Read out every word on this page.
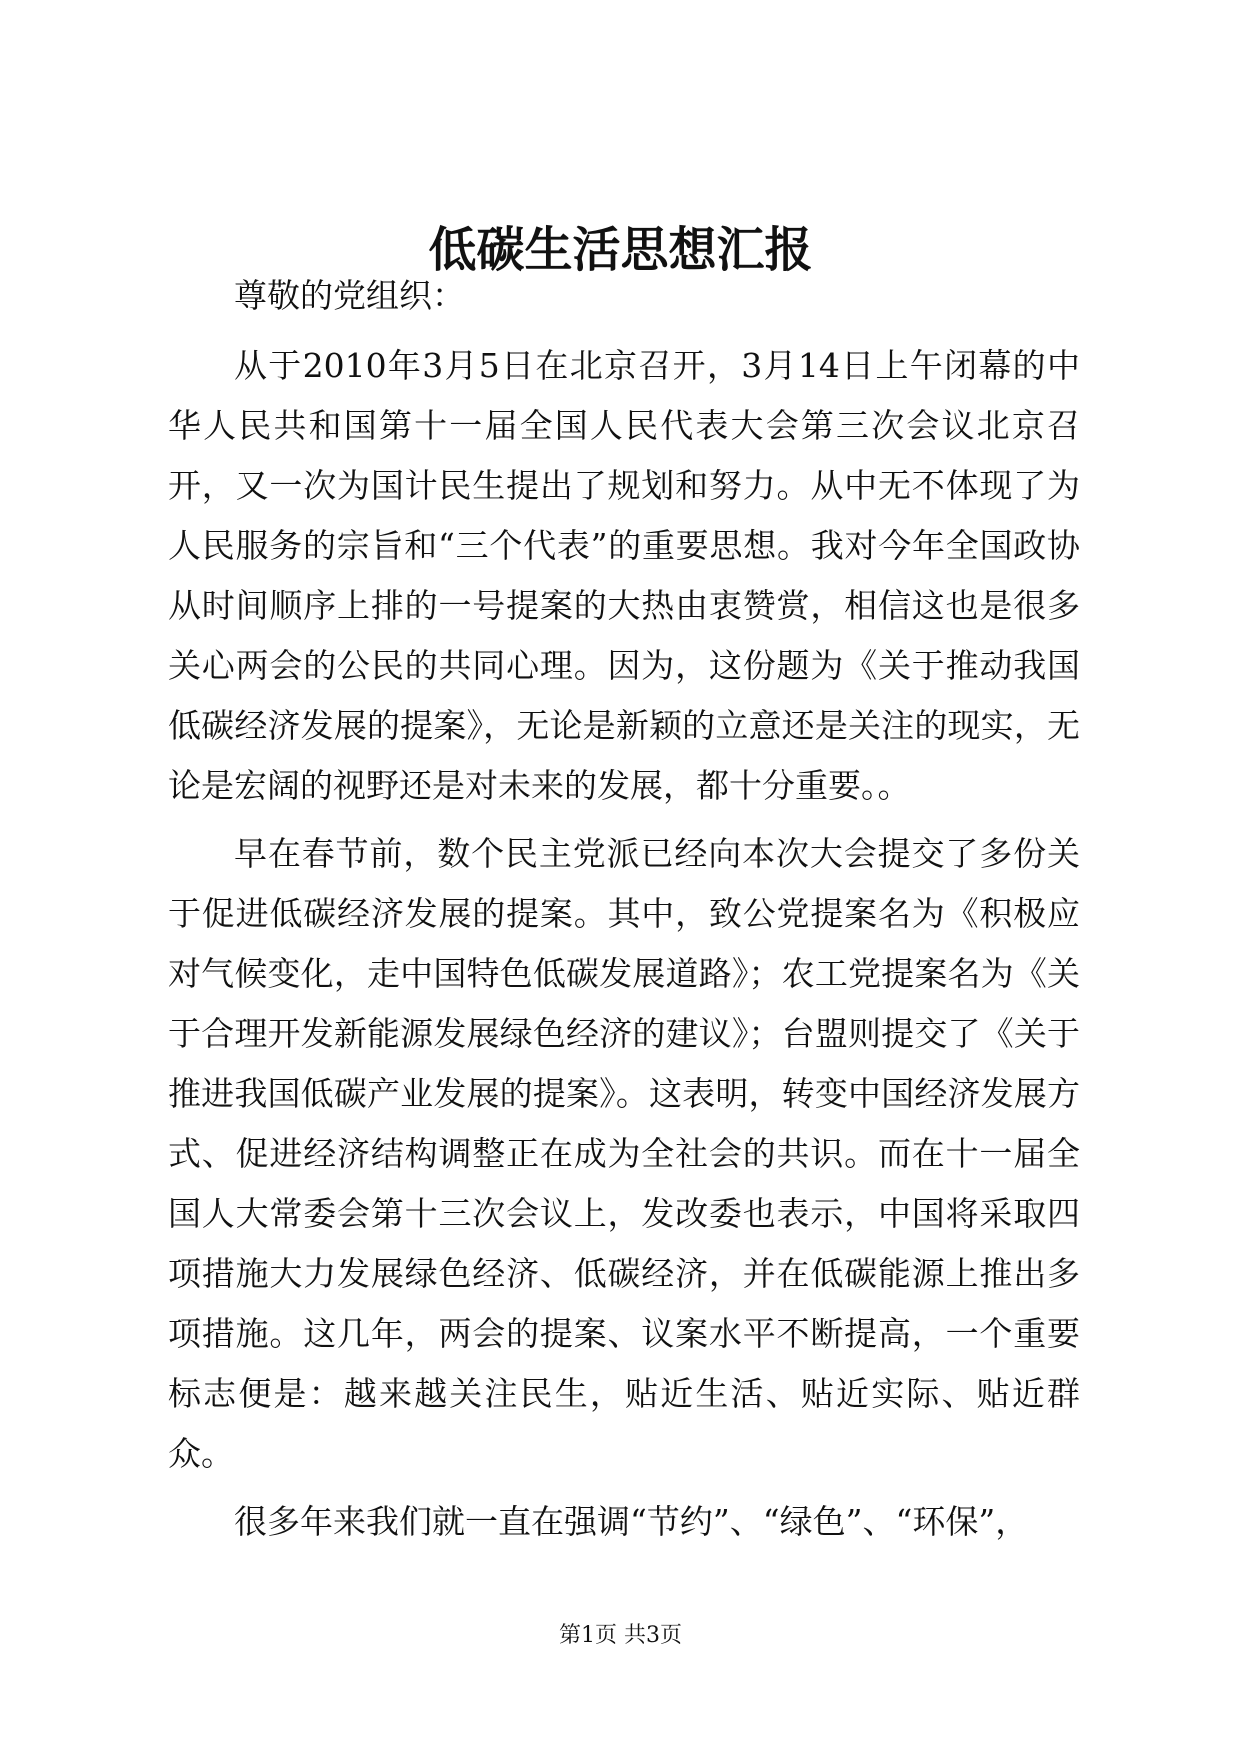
低碳生活思想汇报

尊敬的党组织：

从于2010年3月5日在北京召开，3月14日上午闭幕的中华人民共和国第十一届全国人民代表大会第三次会议北京召开，又一次为国计民生提出了规划和努力。从中无不体现了为人民服务的宗旨和“三个代表”的重要思想。我对今年全国政协从时间顺序上排的一号提案的大热由衷赞赏，相信这也是很多关心两会的公民的共同心理。因为，这份题为《关于推动我国低碳经济发展的提案》，无论是新颖的立意还是关注的现实，无论是宏阔的视野还是对未来的发展，都十分重要。。

早在春节前，数个民主党派已经向本次大会提交了多份关于促进低碳经济发展的提案。其中，致公党提案名为《积极应对气候变化，走中国特色低碳发展道路》；农工党提案名为《关于合理开发新能源发展绿色经济的建议》；台盟则提交了《关于推进我国低碳产业发展的提案》。这表明，转变中国经济发展方式、促进经济结构调整正在成为全社会的共识。而在十一届全国人大常委会第十三次会议上，发改委也表示，中国将采取四项措施大力发展绿色经济、低碳经济，并在低碳能源上推出多项措施。这几年，两会的提案、议案水平不断提高，一个重要标志便是：越来越关注民生，贴近生活、贴近实际、贴近群众。

很多年来我们就一直在强调“节约”、“绿色”、“环保”，

第1页 共3页
